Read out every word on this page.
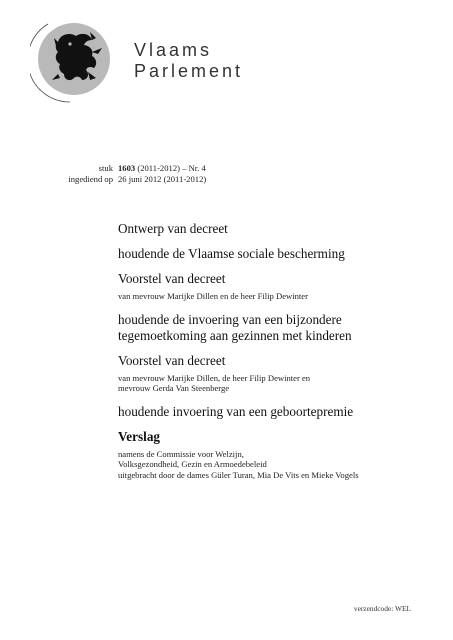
Vlaams
Parlement
stuk 1603 (2011-2012) – Nr. 4
ingediend op 26 juni 2012 (2011-2012)

Ontwerp van decreet

houdende de Vlaamse sociale bescherming

Voorstel van decreet

van mevrouw Marijke Dillen en de heer Filip Dewinter

houdende de invoering van een bijzondere

tegemoetkoming aan gezinnen met kinderen

Voorstel van decreet

van mevrouw Marijke Dillen, de heer Filip Dewinter en

mevrouw Gerda Van Steenberge

houdende invoering van een geboortepremie

Verslag

namens de Commissie voor Welzijn,

Volksgezondheid, Gezin en Armoedebeleid

uitgebracht door de dames Güler Turan, Mia De Vits en Mieke Vogels

verzendcode: WEL
